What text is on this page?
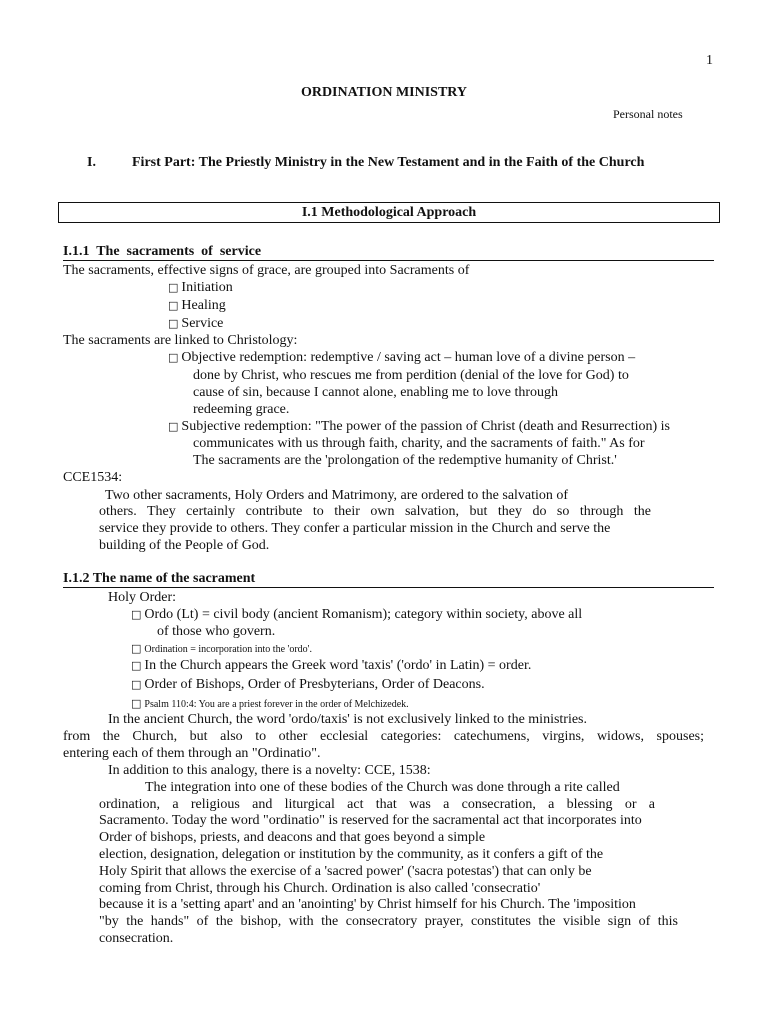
1
ORDINATION MINISTRY
Personal notes
I.	First Part: The Priestly Ministry in the New Testament and in the Faith of the Church
I.1 Methodological Approach
I.1.1  The  sacraments  of  service
The sacraments, effective signs of grace, are grouped into Sacraments of
□ Initiation
□ Healing
□ Service
The sacraments are linked to Christology:
□ Objective redemption: redemptive / saving act – human love of a divine person –
done by Christ, who rescues me from perdition (denial of the love for God) to
cause of sin, because I cannot alone, enabling me to love through
redeeming grace.
□ Subjective redemption: "The power of the passion of Christ (death and Resurrection) is
communicates with us through faith, charity, and the sacraments of faith." As for
The sacraments are the 'prolongation of the redemptive humanity of Christ.'
CCE1534:
Two other sacraments, Holy Orders and Matrimony, are ordered to the salvation of
others. They certainly contribute to their own salvation, but they do so through the
service they provide to others. They confer a particular mission in the Church and serve the
building of the People of God.
I.1.2 The name of the sacrament
Holy Order:
□ Ordo (Lt) = civil body (ancient Romanism); category within society, above all
of those who govern.
□ Ordination = incorporation into the 'ordo'.
□ In the Church appears the Greek word 'taxis' ('ordo' in Latin) = order.
□ Order of Bishops, Order of Presbyterians, Order of Deacons.
□ Psalm 110:4: You are a priest forever in the order of Melchizedek.
In the ancient Church, the word 'ordo/taxis' is not exclusively linked to the ministries.
from  the  Church,  but  also  to  other  ecclesial  categories:  catechumens,  virgins,  widows,  spouses;
entering each of them through an "Ordinatio".
In addition to this analogy, there is a novelty: CCE, 1538:
The integration into one of these bodies of the Church was done through a rite called
ordination, a religious and liturgical act that was a consecration, a blessing or a
Sacramento. Today the word "ordinatio" is reserved for the sacramental act that incorporates into
Order of bishops, priests, and deacons and that goes beyond a simple
election, designation, delegation or institution by the community, as it confers a gift of the
Holy Spirit that allows the exercise of a 'sacred power' ('sacra potestas') that can only be
coming from Christ, through his Church. Ordination is also called 'consecratio'
because it is a 'setting apart' and an 'anointing' by Christ himself for his Church. The 'imposition
"by  the  hands"  of  the  bishop,  with  the  consecratory  prayer,  constitutes  the  visible  sign  of  this
consecration.
